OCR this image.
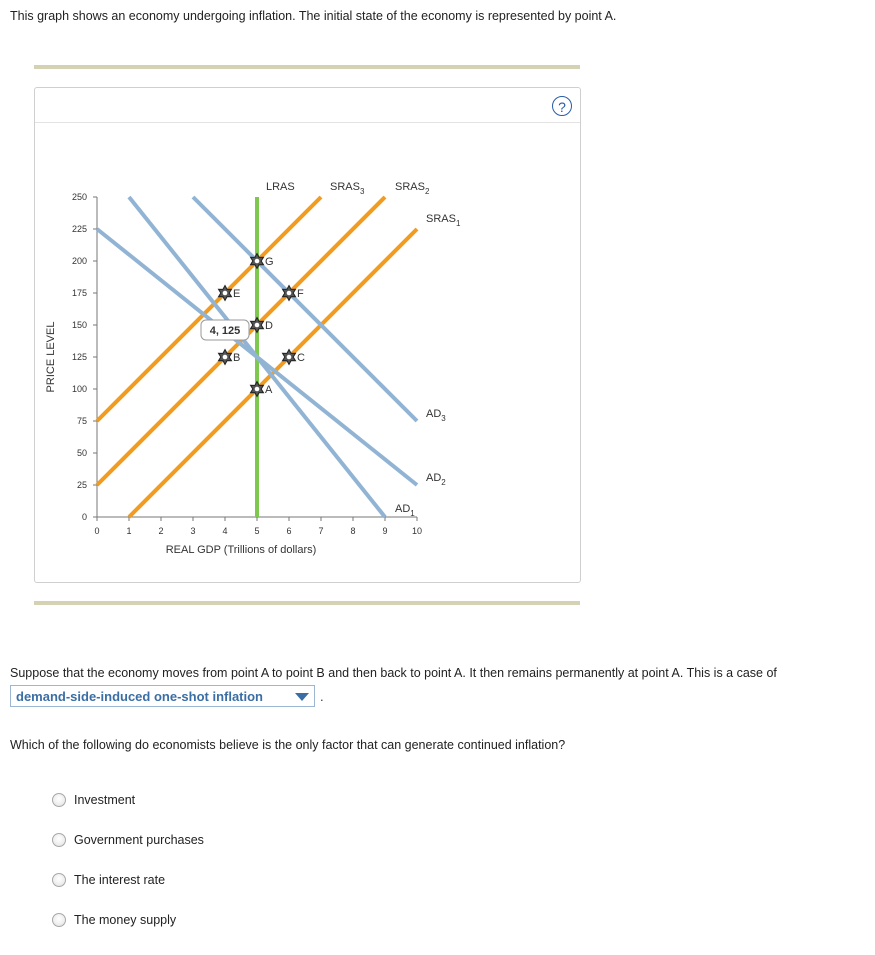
This graph shows an economy undergoing inflation. The initial state of the economy is represented by point A.
?
0
25
50
75
100
125
150
175
200
225
250
0	1	2	3	4	5	6	7	8	9	10
REAL GDP (Trillions of dollars)
PRICE LEVEL
LRAS
$SRAS_1$
$SRAS_2$
$SRAS_3$
$AD_1$
$AD_2$
$AD_3$
A
B	C
D
E	F
G
4, 125
Suppose that the economy moves from point A to point B and then back to point A. It then remains permanently at point A. This is a case of
demand-side-induced one-shot inflation	.
Which of the following do economists believe is the only factor that can generate continued inflation?
Investment
Government purchases
The interest rate
The money supply
